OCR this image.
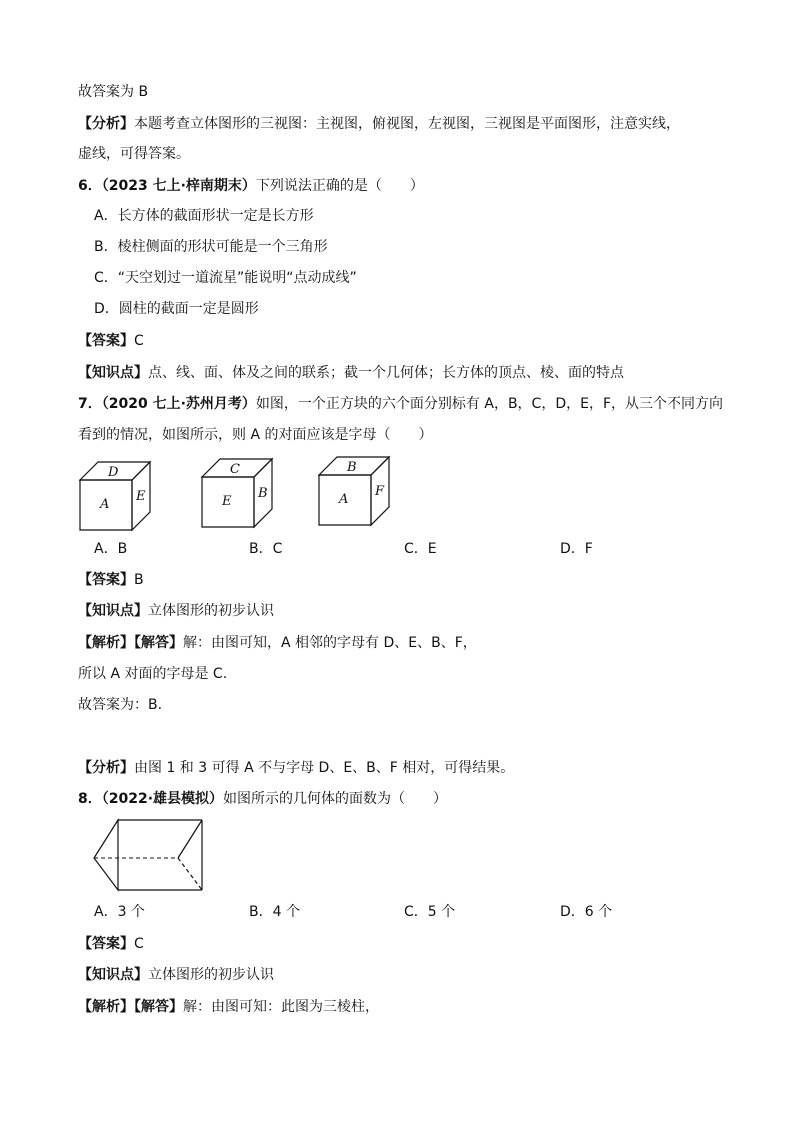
故答案为 B
【分析】本题考查立体图形的三视图：主视图，俯视图，左视图，三视图是平面图形，注意实线，
虚线，可得答案。
6．（2023 七上·梓南期末）下列说法正确的是（　　）
A．长方体的截面形状一定是长方形
B．棱柱侧面的形状可能是一个三角形
C．“天空划过一道流星”能说明“点动成线”
D．圆柱的截面一定是圆形
【答案】C
【知识点】点、线、面、体及之间的联系；截一个几何体；长方体的顶点、棱、面的特点
7．（2020 七上·苏州月考）如图，一个正方块的六个面分别标有 A，B，C，D，E，F，从三个不同方向
看到的情况，如图所示，则 A 的对面应该是字母（　　）
D
A
E
C
E
B
B
A
F
A．B	B．C	C．E	D．F
【答案】B
【知识点】立体图形的初步认识
【解析】【解答】解：由图可知，A 相邻的字母有 D、E、B、F，
所以 A 对面的字母是 C.
故答案为：B.
【分析】由图 1 和 3 可得 A 不与字母 D、E、B、F 相对，可得结果。
8．（2022·雄县模拟）如图所示的几何体的面数为（　　）
A．3 个	B．4 个	C．5 个	D．6 个
【答案】C
【知识点】立体图形的初步认识
【解析】【解答】解：由图可知：此图为三棱柱，
